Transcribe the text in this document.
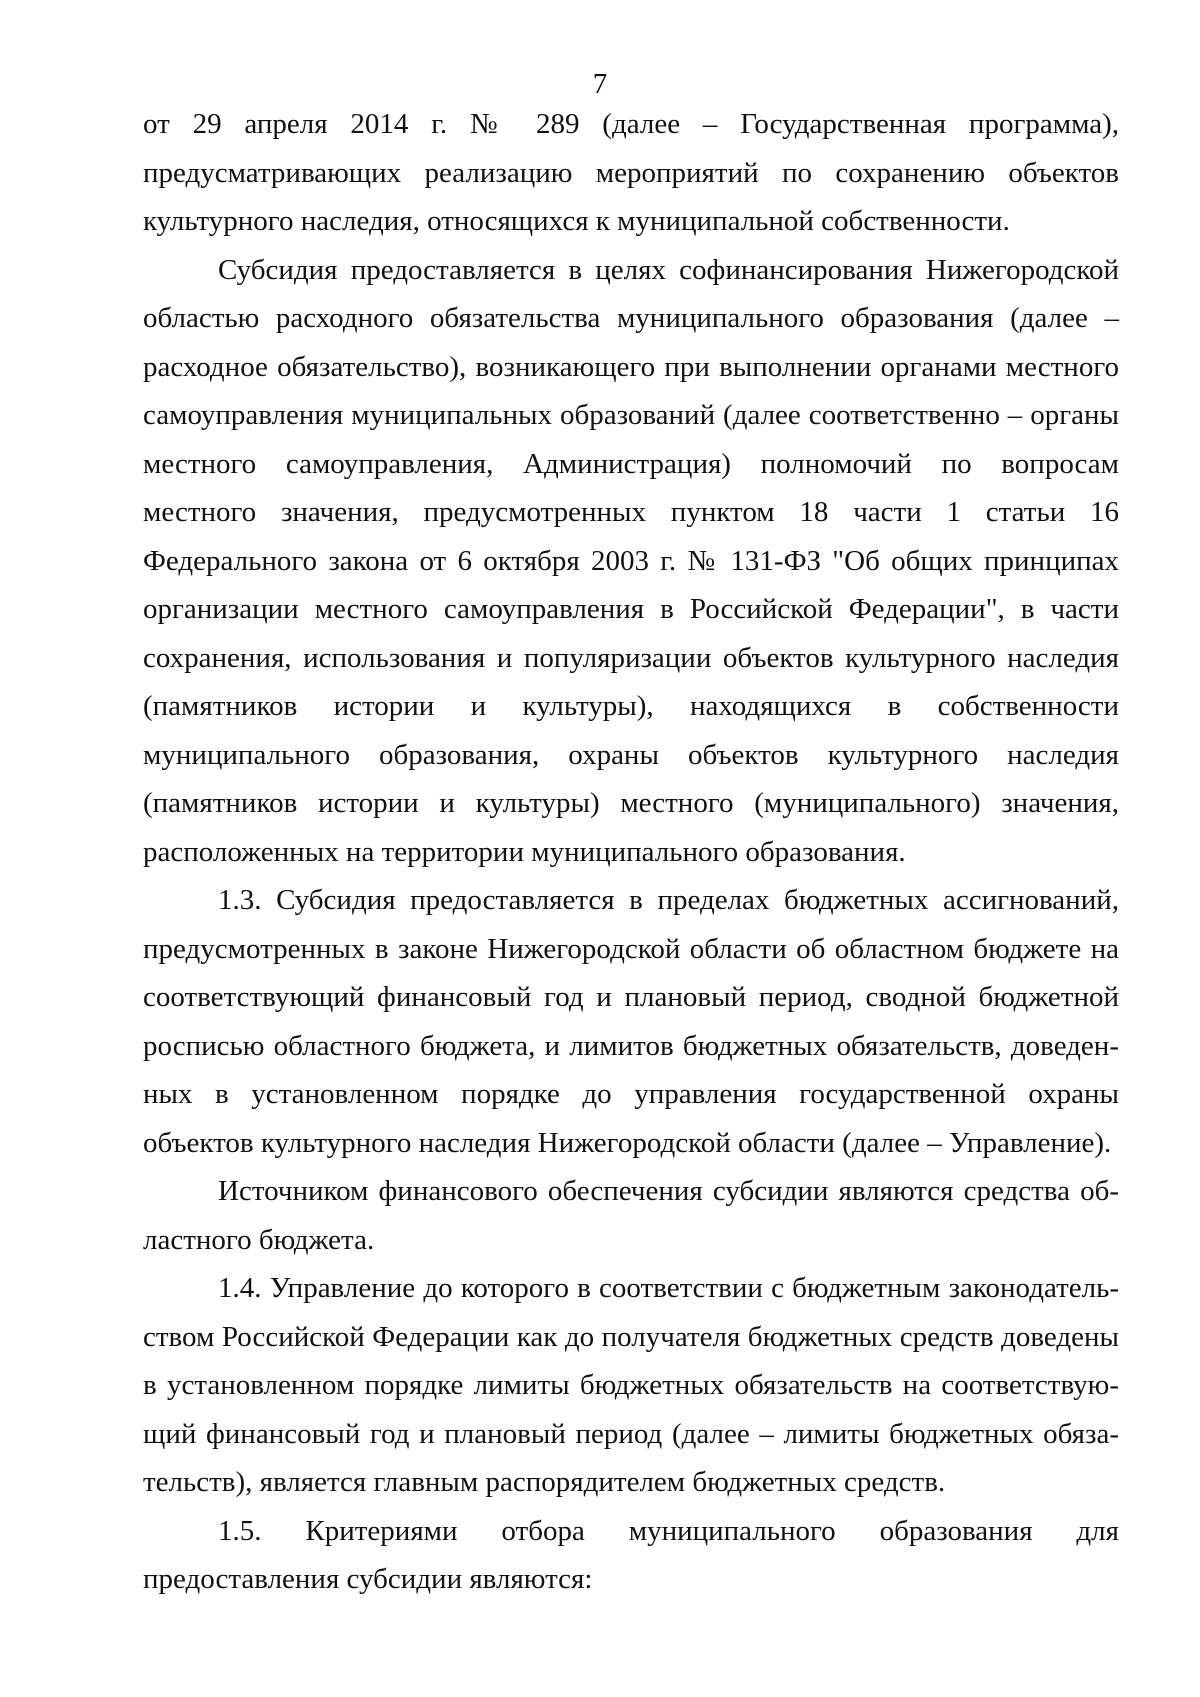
7

от 29 апреля 2014 г. № 289 (далее – Государственная программа), предусматривающих реализацию мероприятий по сохранению объектов культурного наследия, относящихся к муниципальной собственности.

Субсидия предоставляется в целях софинансирования Нижегородской областью расходного обязательства муниципального образования (далее – расходное обязательство), возникающего при выполнении органами местного самоуправления муниципальных образований (далее соответственно – органы местного самоуправления, Администрация) полномочий по вопросам местного значения, предусмотренных пунктом 18 части 1 статьи 16 Федерального закона от 6 октября 2003 г. № 131-ФЗ "Об общих принципах организации местного самоуправления в Российской Федерации", в части сохранения, использования и популяризации объектов культурного наследия (памятников истории и культуры), находящихся в собственности муниципального образования, охраны объектов культурного наследия (памятников истории и культуры) местного (муниципального) значения, расположенных на территории муниципального образования.

1.3. Субсидия предоставляется в пределах бюджетных ассигнований, предусмотренных в законе Нижегородской области об областном бюджете на соответствующий финансовый год и плановый период, сводной бюджетной росписью областного бюджета, и лимитов бюджетных обязательств, доведенных в установленном порядке до управления государственной охраны объектов культурного наследия Нижегородской области (далее – Управление).

Источником финансового обеспечения субсидии являются средства областного бюджета.

1.4. Управление до которого в соответствии с бюджетным законодательством Российской Федерации как до получателя бюджетных средств доведены в установленном порядке лимиты бюджетных обязательств на соответствующий финансовый год и плановый период (далее – лимиты бюджетных обязательств), является главным распорядителем бюджетных средств.

1.5. Критериями отбора муниципального образования для предоставления субсидии являются:
